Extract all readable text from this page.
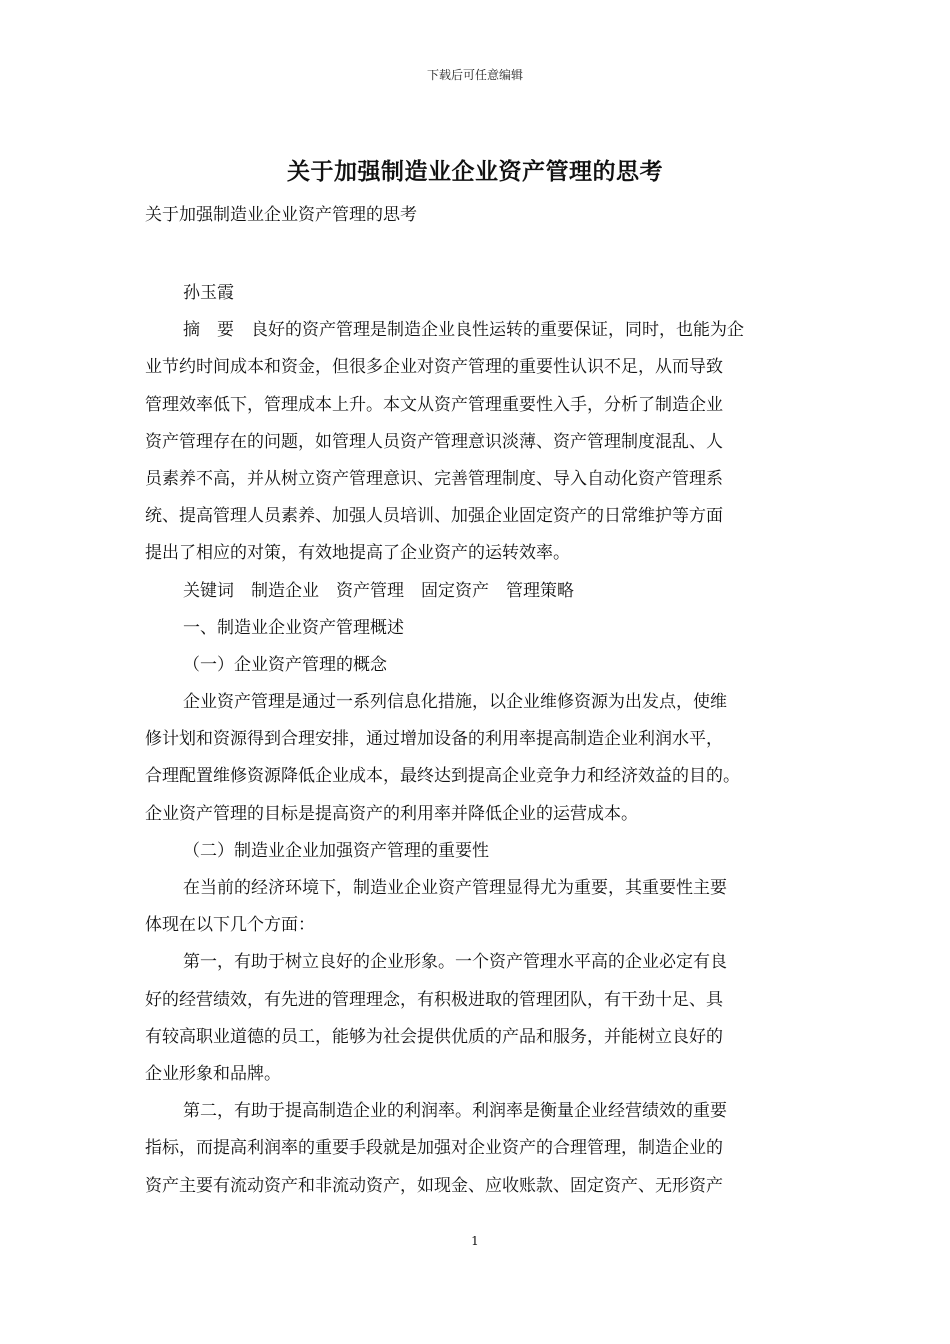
下载后可任意编辑
关于加强制造业企业资产管理的思考
关于加强制造业企业资产管理的思考
孙玉霞
摘　要　良好的资产管理是制造企业良性运转的重要保证，同时，也能为企
业节约时间成本和资金，但很多企业对资产管理的重要性认识不足，从而导致
管理效率低下，管理成本上升。本文从资产管理重要性入手，分析了制造企业
资产管理存在的问题，如管理人员资产管理意识淡薄、资产管理制度混乱、人
员素养不高，并从树立资产管理意识、完善管理制度、导入自动化资产管理系
统、提高管理人员素养、加强人员培训、加强企业固定资产的日常维护等方面
提出了相应的对策，有效地提高了企业资产的运转效率。
关键词　制造企业　资产管理　固定资产　管理策略
一、制造业企业资产管理概述
（一）企业资产管理的概念
企业资产管理是通过一系列信息化措施，以企业维修资源为出发点，使维
修计划和资源得到合理安排，通过增加设备的利用率提高制造企业利润水平，
合理配置维修资源降低企业成本，最终达到提高企业竞争力和经济效益的目的。
企业资产管理的目标是提高资产的利用率并降低企业的运营成本。
（二）制造业企业加强资产管理的重要性
在当前的经济环境下，制造业企业资产管理显得尤为重要，其重要性主要
体现在以下几个方面：
第一，有助于树立良好的企业形象。一个资产管理水平高的企业必定有良
好的经营绩效，有先进的管理理念，有积极进取的管理团队，有干劲十足、具
有较高职业道德的员工，能够为社会提供优质的产品和服务，并能树立良好的
企业形象和品牌。
第二，有助于提高制造企业的利润率。利润率是衡量企业经营绩效的重要
指标，而提高利润率的重要手段就是加强对企业资产的合理管理，制造企业的
资产主要有流动资产和非流动资产，如现金、应收账款、固定资产、无形资产
1
